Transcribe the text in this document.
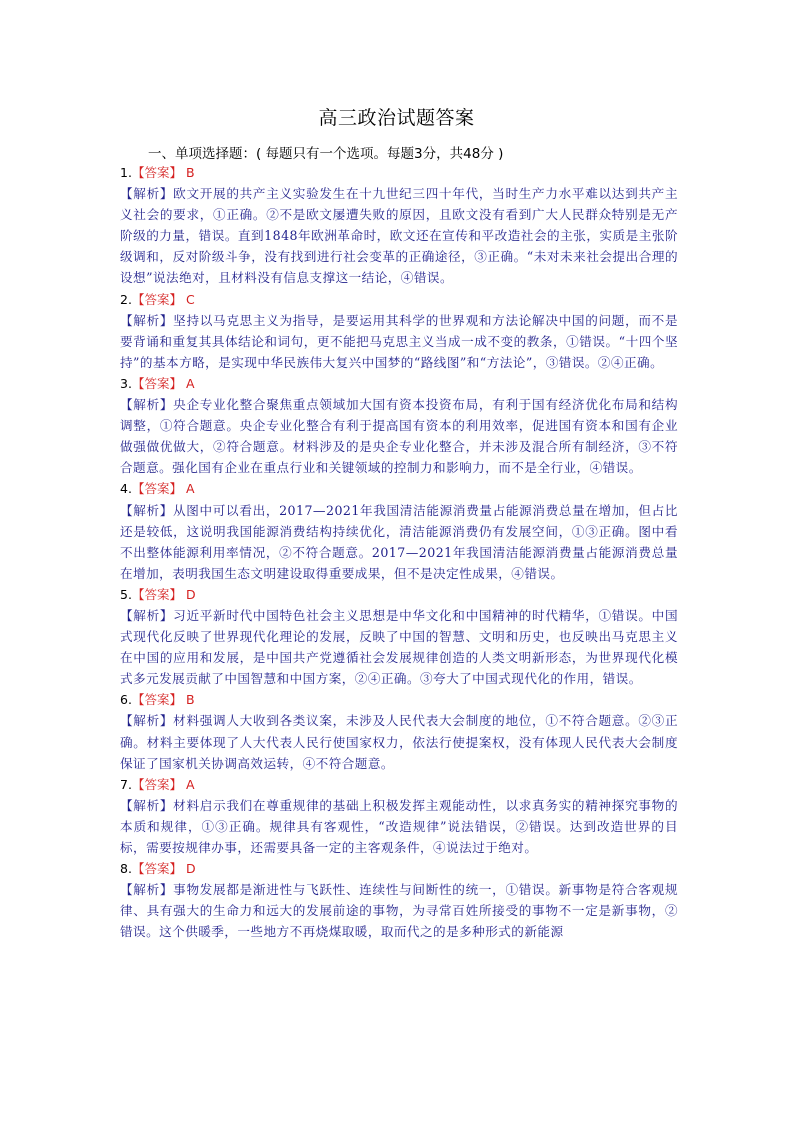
高三政治试题答案
一、单项选择题：( 每题只有一个选项。每题3分，共48分 )
1.【答案】 B
【解析】欧文开展的共产主义实验发生在十九世纪三四十年代，当时生产力水平难以达到共产主义社会的要求，①正确。②不是欧文屡遭失败的原因，且欧文没有看到广大人民群众特别是无产阶级的力量，错误。直到1848年欧洲革命时，欧文还在宣传和平改造社会的主张，实质是主张阶级调和，反对阶级斗争，没有找到进行社会变革的正确途径，③正确。“未对未来社会提出合理的设想”说法绝对，且材料没有信息支撑这一结论，④错误。
2.【答案】 C
【解析】坚持以马克思主义为指导，是要运用其科学的世界观和方法论解决中国的问题，而不是要背诵和重复其具体结论和词句，更不能把马克思主义当成一成不变的教条，①错误。“十四个坚持”的基本方略，是实现中华民族伟大复兴中国梦的“路线图”和“方法论”，③错误。②④正确。
3.【答案】 A
【解析】央企专业化整合聚焦重点领域加大国有资本投资布局，有利于国有经济优化布局和结构调整，①符合题意。央企专业化整合有利于提高国有资本的利用效率，促进国有资本和国有企业做强做优做大，②符合题意。材料涉及的是央企专业化整合，并未涉及混合所有制经济，③不符合题意。强化国有企业在重点行业和关键领域的控制力和影响力，而不是全行业，④错误。
4.【答案】 A
【解析】从图中可以看出，2017—2021年我国清洁能源消费量占能源消费总量在增加，但占比还是较低，这说明我国能源消费结构持续优化，清洁能源消费仍有发展空间，①③正确。图中看不出整体能源利用率情况，②不符合题意。2017—2021年我国清洁能源消费量占能源消费总量在增加，表明我国生态文明建设取得重要成果，但不是决定性成果，④错误。
5.【答案】 D
【解析】习近平新时代中国特色社会主义思想是中华文化和中国精神的时代精华，①错误。中国式现代化反映了世界现代化理论的发展，反映了中国的智慧、文明和历史，也反映出马克思主义在中国的应用和发展，是中国共产党遵循社会发展规律创造的人类文明新形态，为世界现代化模式多元发展贡献了中国智慧和中国方案，②④正确。③夸大了中国式现代化的作用，错误。
6.【答案】 B
【解析】材料强调人大收到各类议案，未涉及人民代表大会制度的地位，①不符合题意。②③正确。材料主要体现了人大代表人民行使国家权力，依法行使提案权，没有体现人民代表大会制度保证了国家机关协调高效运转，④不符合题意。
7.【答案】 A
【解析】材料启示我们在尊重规律的基础上积极发挥主观能动性，以求真务实的精神探究事物的本质和规律，①③正确。规律具有客观性，“改造规律”说法错误，②错误。达到改造世界的目标，需要按规律办事，还需要具备一定的主客观条件，④说法过于绝对。
8.【答案】 D
【解析】事物发展都是渐进性与飞跃性、连续性与间断性的统一，①错误。新事物是符合客观规律、具有强大的生命力和远大的发展前途的事物，为寻常百姓所接受的事物不一定是新事物，②错误。这个供暖季，一些地方不再烧煤取暖，取而代之的是多种形式的新能源
